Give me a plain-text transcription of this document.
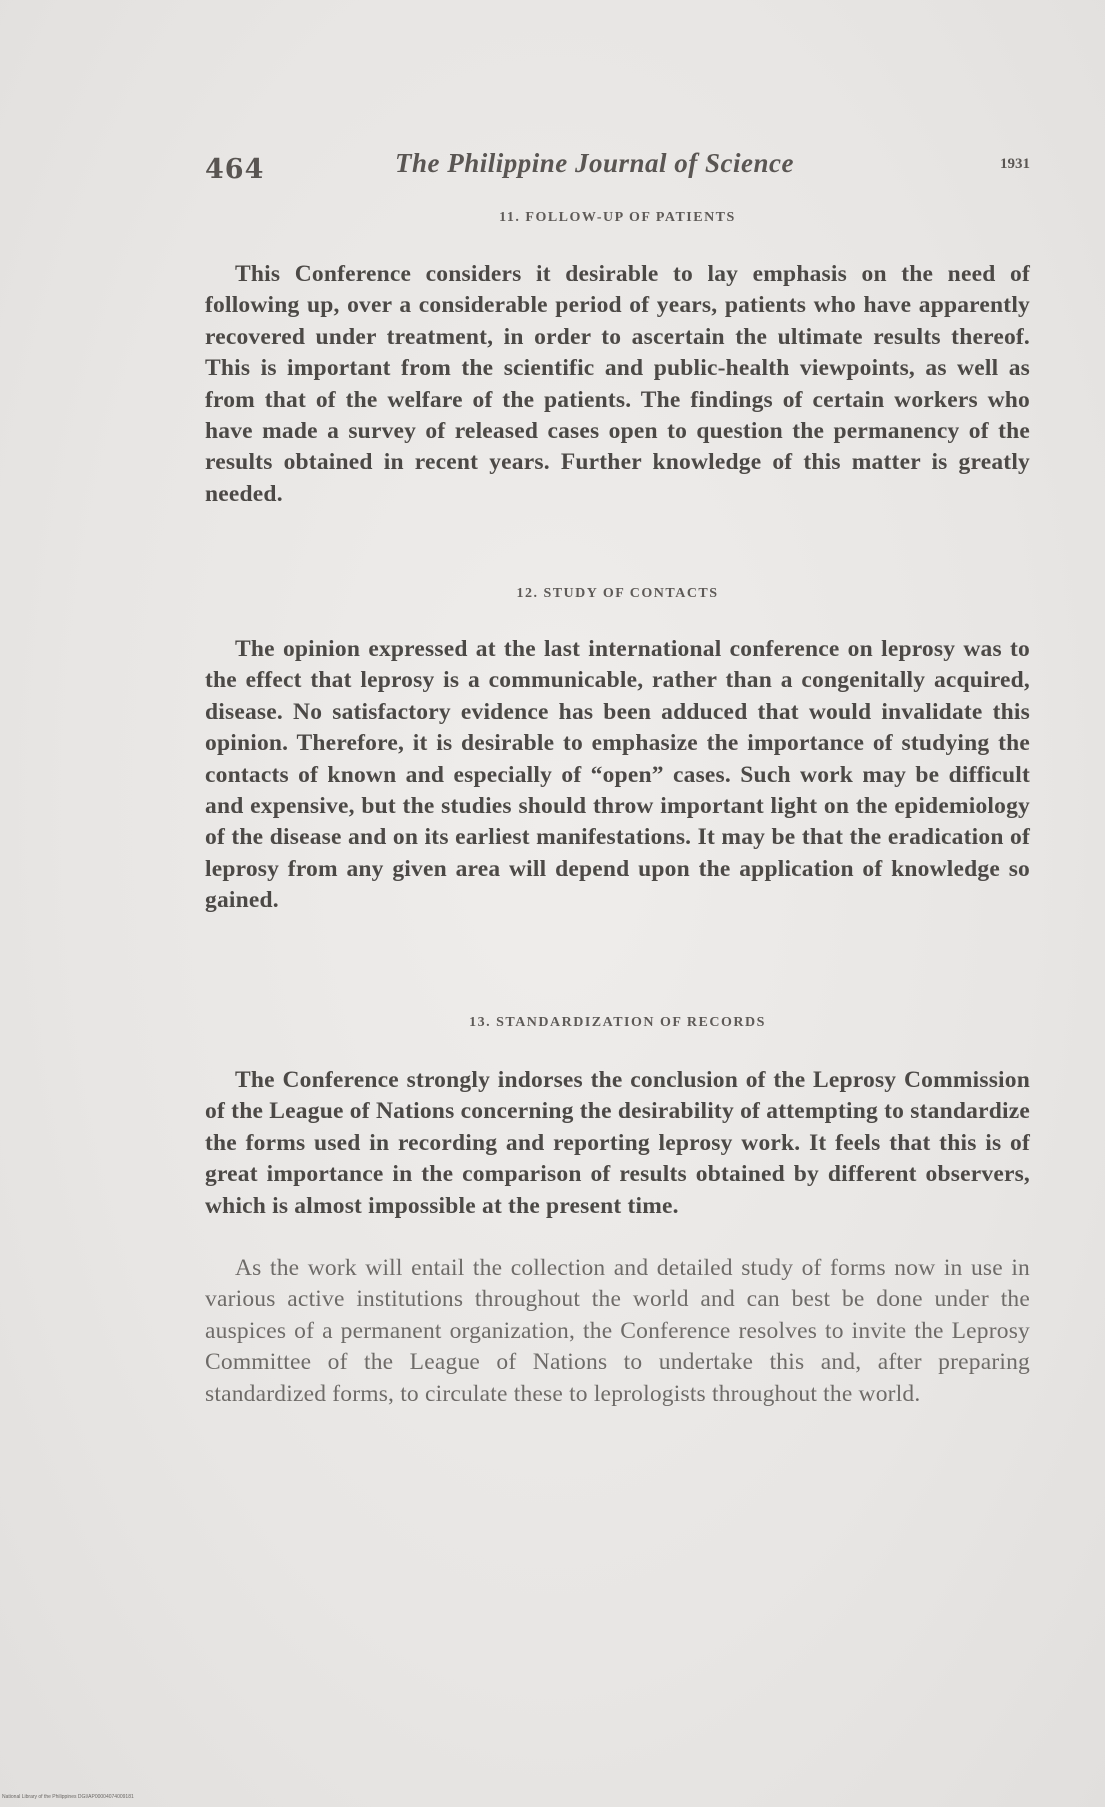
464	The Philippine Journal of Science	1931
11. FOLLOW-UP OF PATIENTS

This Conference considers it desirable to lay emphasis on the need of following up, over a considerable period of years, patients who have apparently recovered under treatment, in order to ascertain the ultimate results thereof. This is important from the scientific and public-health viewpoints, as well as from that of the welfare of the patients. The findings of certain workers who have made a survey of released cases open to question the permanency of the results obtained in recent years. Further knowledge of this matter is greatly needed.

12. STUDY OF CONTACTS

The opinion expressed at the last international conference on leprosy was to the effect that leprosy is a communicable, rather than a congenitally acquired, disease. No satisfactory evidence has been adduced that would invalidate this opinion. Therefore, it is desirable to emphasize the importance of studying the contacts of known and especially of “open” cases. Such work may be difficult and expensive, but the studies should throw important light on the epidemiology of the disease and on its earliest manifestations. It may be that the eradication of leprosy from any given area will depend upon the application of knowledge so gained.

13. STANDARDIZATION OF RECORDS

The Conference strongly indorses the conclusion of the Leprosy Commission of the League of Nations concerning the desirability of attempting to standardize the forms used in recording and reporting leprosy work. It feels that this is of great importance in the comparison of results obtained by different observers, which is almost impossible at the present time.

As the work will entail the collection and detailed study of forms now in use in various active institutions throughout the world and can best be done under the auspices of a permanent organization, the Conference resolves to invite the Leprosy Committee of the League of Nations to undertake this and, after preparing standardized forms, to circulate these to leprologists throughout the world.

National Library of the Philippines DGI/AP00004074009181
